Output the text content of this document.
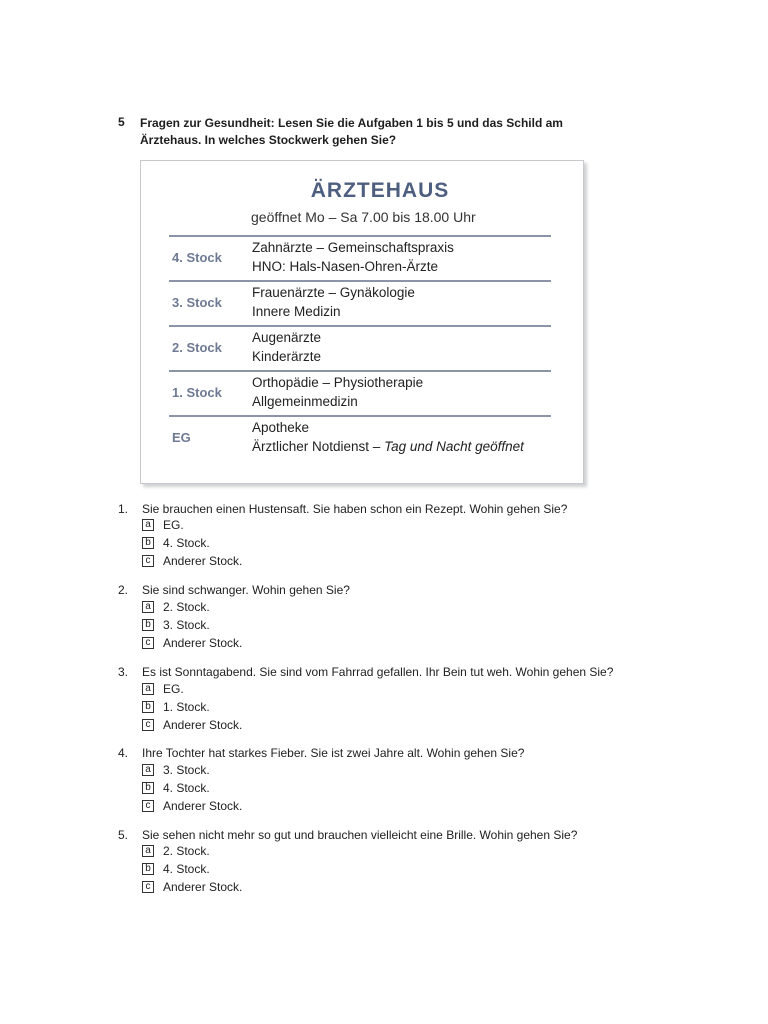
5 Fragen zur Gesundheit: Lesen Sie die Aufgaben 1 bis 5 und das Schild am Ärztehaus. In welches Stockwerk gehen Sie?
ÄRZTEHAUS
geöffnet Mo – Sa 7.00 bis 18.00 Uhr
4. Stock
Zahnärzte – Gemeinschaftspraxis
HNO: Hals-Nasen-Ohren-Ärzte
3. Stock
Frauenärzte – Gynäkologie
Innere Medizin
2. Stock
Augenärzte
Kinderärzte
1. Stock
Orthopädie – Physiotherapie
Allgemeinmedizin
EG
Apotheke
Ärztlicher Notdienst – Tag und Nacht geöffnet
1. Sie brauchen einen Hustensaft. Sie haben schon ein Rezept. Wohin gehen Sie?
a EG.
b 4. Stock.
c Anderer Stock.
2. Sie sind schwanger. Wohin gehen Sie?
a 2. Stock.
b 3. Stock.
c Anderer Stock.
3. Es ist Sonntagabend. Sie sind vom Fahrrad gefallen. Ihr Bein tut weh. Wohin gehen Sie?
a EG.
b 1. Stock.
c Anderer Stock.
4. Ihre Tochter hat starkes Fieber. Sie ist zwei Jahre alt. Wohin gehen Sie?
a 3. Stock.
b 4. Stock.
c Anderer Stock.
5. Sie sehen nicht mehr so gut und brauchen vielleicht eine Brille. Wohin gehen Sie?
a 2. Stock.
b 4. Stock.
c Anderer Stock.
